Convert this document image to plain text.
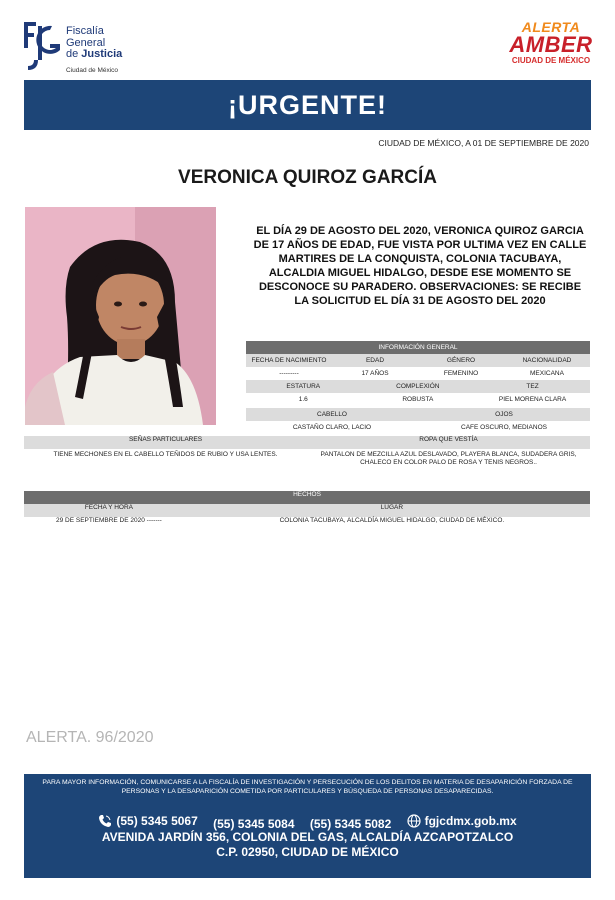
Fiscalía
General
de Justicia
Ciudad de México
ALERTA
AMBER
CIUDAD DE MÉXICO
¡URGENTE!
CIUDAD DE MÉXICO, A 01 DE SEPTIEMBRE DE 2020
VERONICA QUIROZ GARCÍA
EL DÍA 29 DE AGOSTO DEL 2020, VERONICA QUIROZ GARCIA DE 17 AÑOS DE EDAD, FUE VISTA POR ULTIMA VEZ EN CALLE MARTIRES DE LA CONQUISTA, COLONIA TACUBAYA, ALCALDIA MIGUEL HIDALGO, DESDE ESE MOMENTO SE DESCONOCE SU PARADERO. OBSERVACIONES: SE RECIBE LA SOLICITUD EL DÍA 31 DE AGOSTO DEL 2020
INFORMACIÓN GENERAL			
FECHA DE NACIMIENTO	EDAD	GÉNERO	NACIONALIDAD
---------	17 AÑOS	FEMENINO	MEXICANA
ESTATURA	COMPLEXIÓN	TEZ
1.6	ROBUSTA	PIEL MORENA CLARA
CABELLO	OJOS
CASTAÑO CLARO, LACIO	CAFE OSCURO, MEDIANOS
SEÑAS PARTICULARES	ROPA QUE VESTÍA
TIENE MECHONES EN EL CABELLO TEÑIDOS DE RUBIO Y USA LENTES.	PANTALON DE MEZCILLA AZUL DESLAVADO, PLAYERA BLANCA, SUDADERA GRIS, CHALECO EN COLOR PALO DE ROSA Y TENIS NEGROS..
HECHOS	
FECHA Y HORA	LUGAR
29 DE SEPTIEMBRE DE 2020 -------	COLONIA TACUBAYA, ALCALDÍA MIGUEL HIDALGO, CIUDAD DE MÉXICO.
ALERTA. 96/2020
PARA MAYOR INFORMACIÓN, COMUNICARSE A LA FISCALÍA DE INVESTIGACIÓN Y PERSECUCIÓN DE LOS DELITOS EN MATERIA DE DESAPARICIÓN FORZADA DE PERSONAS Y LA DESAPARICIÓN COMETIDA POR PARTICULARES Y BÚSQUEDA DE PERSONAS DESAPARECIDAS.
(55) 5345 5067
(55) 5345 5084
(55) 5345 5082
	fgjcdmx.gob.mx
AVENIDA JARDÍN 356, COLONIA DEL GAS, ALCALDÍA AZCAPOTZALCO
C.P. 02950, CIUDAD DE MÉXICO
